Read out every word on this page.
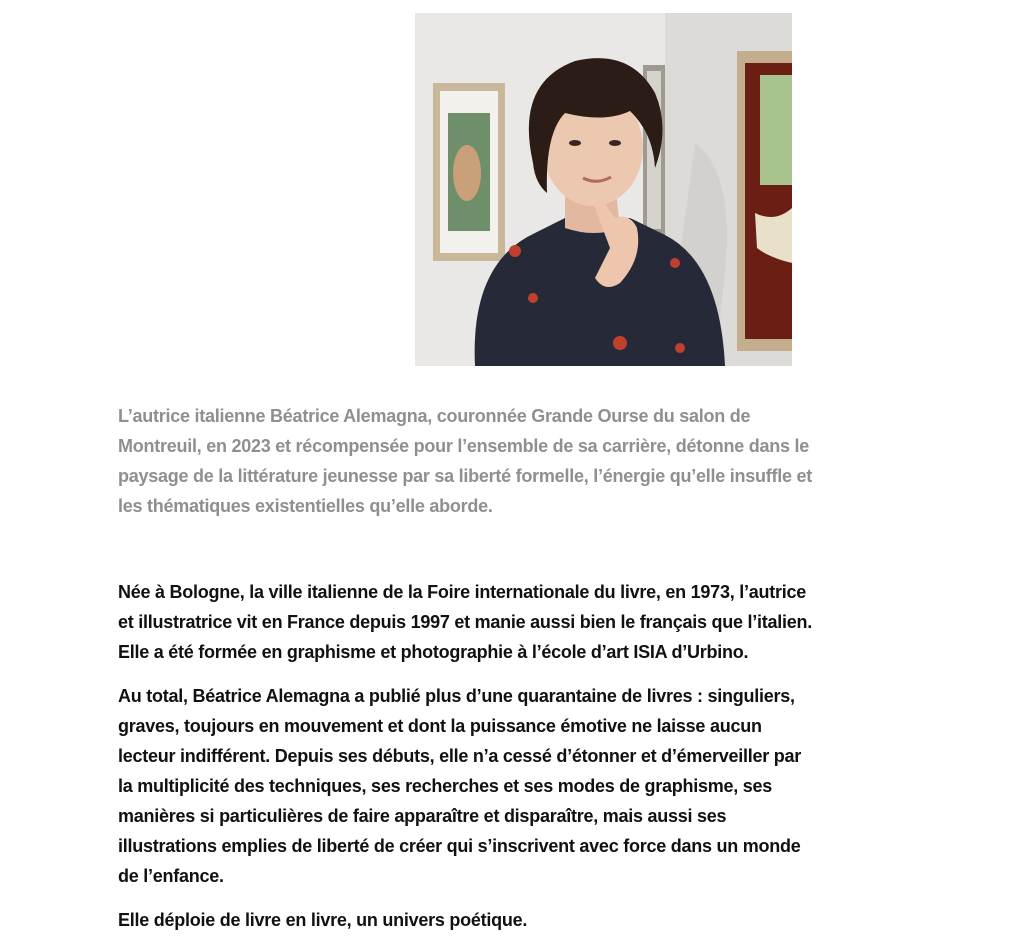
L’autrice italienne Béatrice Alemagna, couronnée Grande Ourse du salon de
Montreuil, en 2023 et récompensée pour l’ensemble de sa carrière, détonne dans le
paysage de la littérature jeunesse par sa liberté formelle, l’énergie qu’elle insuffle et
les thématiques existentielles qu’elle aborde.

Née à Bologne, la ville italienne de la Foire internationale du livre, en 1973, l’autrice
et illustratrice vit en France depuis 1997 et manie aussi bien le français que l’italien.
Elle a été formée en graphisme et photographie à l’école d’art ISIA d’Urbino.

Au total, Béatrice Alemagna a publié plus d’une quarantaine de livres : singuliers,
graves, toujours en mouvement et dont la puissance émotive ne laisse aucun
lecteur indifférent. Depuis ses débuts, elle n’a cessé d’étonner et d’émerveiller par
la multiplicité des techniques, ses recherches et ses modes de graphisme, ses
manières si particulières de faire apparaître et disparaître, mais aussi ses
illustrations emplies de liberté de créer qui s’inscrivent avec force dans un monde
de l’enfance.

Elle déploie de livre en livre, un univers poétique.
